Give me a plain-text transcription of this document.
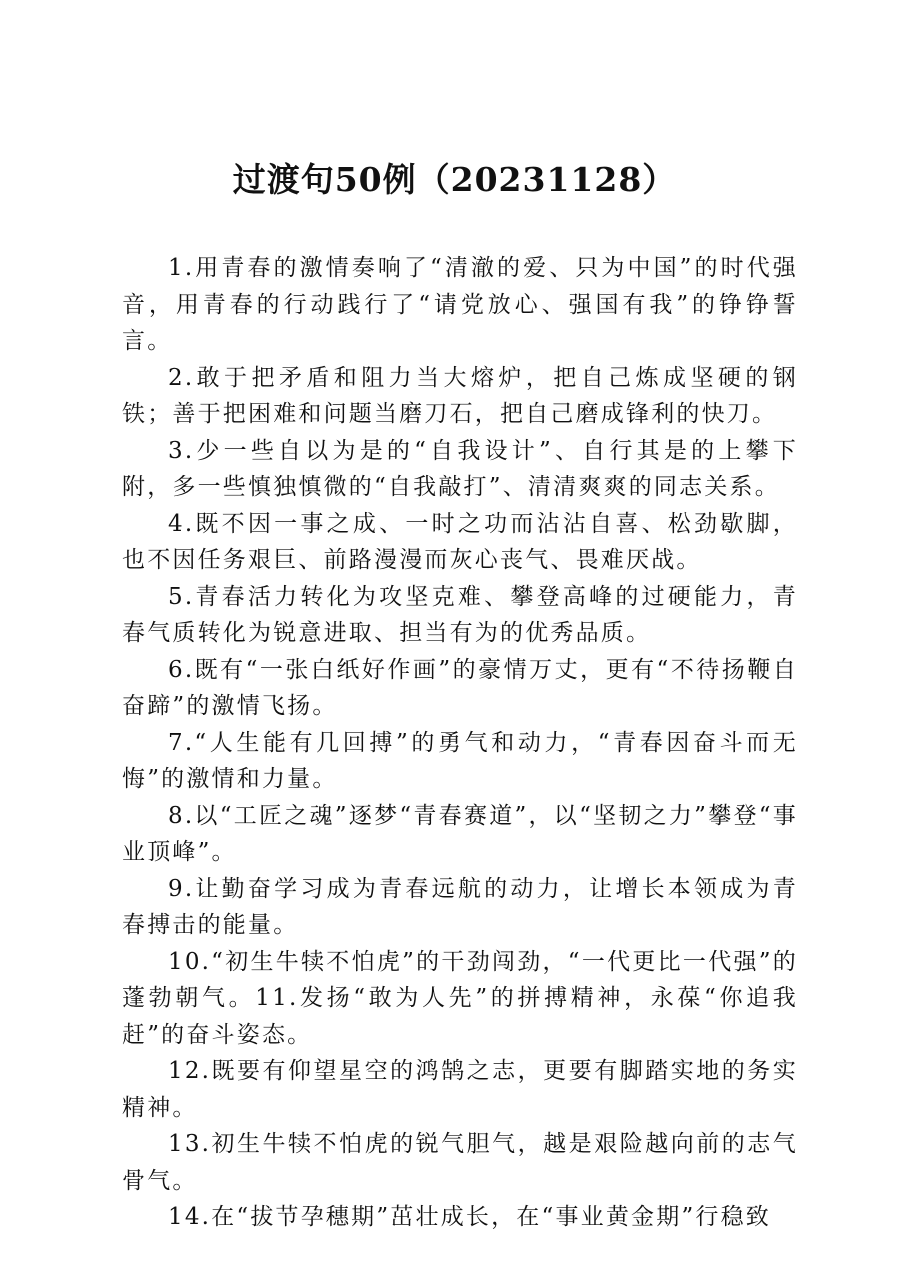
过渡句50例（20231128）

1.用青春的激情奏响了“清澈的爱、只为中国”的时代强音，用青春的行动践行了“请党放心、强国有我”的铮铮誓言。

2.敢于把矛盾和阻力当大熔炉，把自己炼成坚硬的钢铁；善于把困难和问题当磨刀石，把自己磨成锋利的快刀。

3.少一些自以为是的“自我设计”、自行其是的上攀下附，多一些慎独慎微的“自我敲打”、清清爽爽的同志关系。

4.既不因一事之成、一时之功而沾沾自喜、松劲歇脚，也不因任务艰巨、前路漫漫而灰心丧气、畏难厌战。

5.青春活力转化为攻坚克难、攀登高峰的过硬能力，青春气质转化为锐意进取、担当有为的优秀品质。

6.既有“一张白纸好作画”的豪情万丈，更有“不待扬鞭自奋蹄”的激情飞扬。

7.“人生能有几回搏”的勇气和动力，“青春因奋斗而无悔”的激情和力量。

8.以“工匠之魂”逐梦“青春赛道”，以“坚韧之力”攀登“事业顶峰”。

9.让勤奋学习成为青春远航的动力，让增长本领成为青春搏击的能量。

10.“初生牛犊不怕虎”的干劲闯劲，“一代更比一代强”的蓬勃朝气。11.发扬“敢为人先”的拼搏精神，永葆“你追我赶”的奋斗姿态。

12.既要有仰望星空的鸿鹄之志，更要有脚踏实地的务实精神。

13.初生牛犊不怕虎的锐气胆气，越是艰险越向前的志气骨气。

14.在“拔节孕穗期”茁壮成长，在“事业黄金期”行稳致
